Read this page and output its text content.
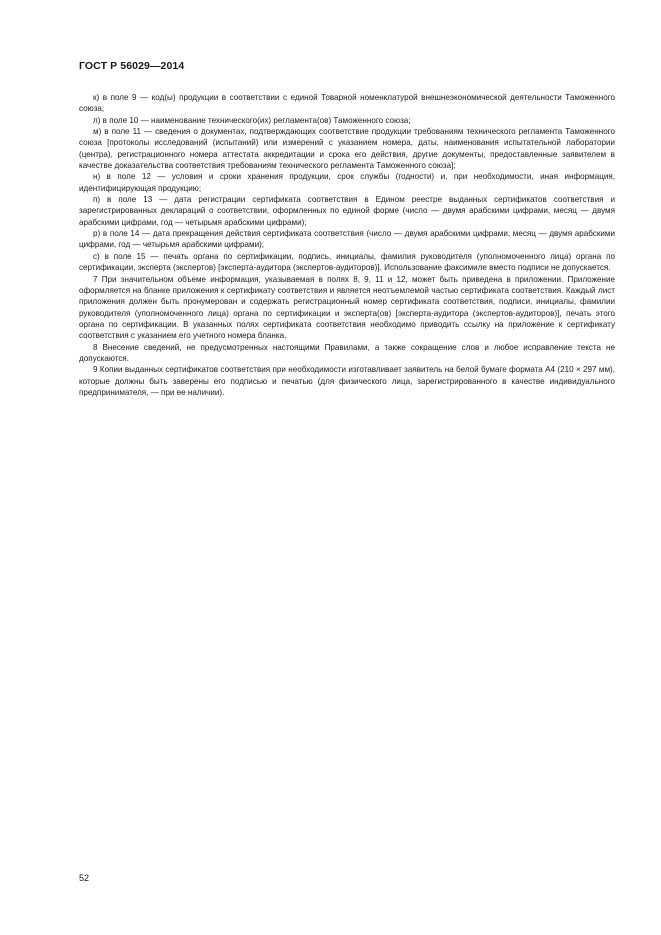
ГОСТ Р 56029—2014

к) в поле 9 — код(ы) продукции в соответствии с единой Товарной номенклатурой внешнеэкономической деятельности Таможенного союза;

л) в поле 10 — наименование технического(их) регламента(ов) Таможенного союза;

м) в поле 11 — сведения о документах, подтверждающих соответствие продукции требованиям технического регламента Таможенного союза [протоколы исследований (испытаний) или измерений с указанием номера, даты, наименования испытательной лаборатории (центра), регистрационного номера аттестата аккредитации и срока его действия, другие документы, предоставленные заявителем в качестве доказательства соответствия требованиям технического регламента Таможенного союза];

н) в поле 12 — условия и сроки хранения продукции, срок службы (годности) и, при необходимости, иная информация, идентифицирующая продукцию;

п) в поле 13 — дата регистрации сертификата соответствия в Едином реестре выданных сертификатов соответствия и зарегистрированных деклараций о соответствии, оформленных по единой форме (число — двумя арабскими цифрами, месяц — двумя арабскими цифрами, год — четырьмя арабскими цифрами);

р) в поле 14 — дата прекращения действия сертификата соответствия (число — двумя арабскими цифрами, месяц — двумя арабскими цифрами, год — четырьмя арабскими цифрами);

с) в поле 15 — печать органа по сертификации, подпись, инициалы, фамилия руководителя (уполномоченного лица) органа по сертификации, эксперта (экспертов) [эксперта-аудитора (экспертов-аудиторов)]. Использование факсимиле вместо подписи не допускается.

7 При значительном объеме информация, указываемая в полях 8, 9, 11 и 12, может быть приведена в приложении. Приложение оформляется на бланке приложения к сертификату соответствия и является неотъемлемой частью сертификата соответствия. Каждый лист приложения должен быть пронумерован и содержать регистрационный номер сертификата соответствия, подписи, инициалы, фамилии руководителя (уполномоченного лица) органа по сертификации и эксперта(ов) [эксперта-аудитора (экспертов-аудиторов)], печать этого органа по сертификации. В указанных полях сертификата соответствия необходимо приводить ссылку на приложение к сертификату соответствия с указанием его учетного номера бланка.

8 Внесение сведений, не предусмотренных настоящими Правилами, а также сокращение слов и любое исправление текста не допускаются.

9 Копии выданных сертификатов соответствия при необходимости изготавливает заявитель на белой бумаге формата А4 (210 × 297 мм), которые должны быть заверены его подписью и печатью (для физического лица, зарегистрированного в качестве индивидуального предпринимателя, — при ее наличии).

52
